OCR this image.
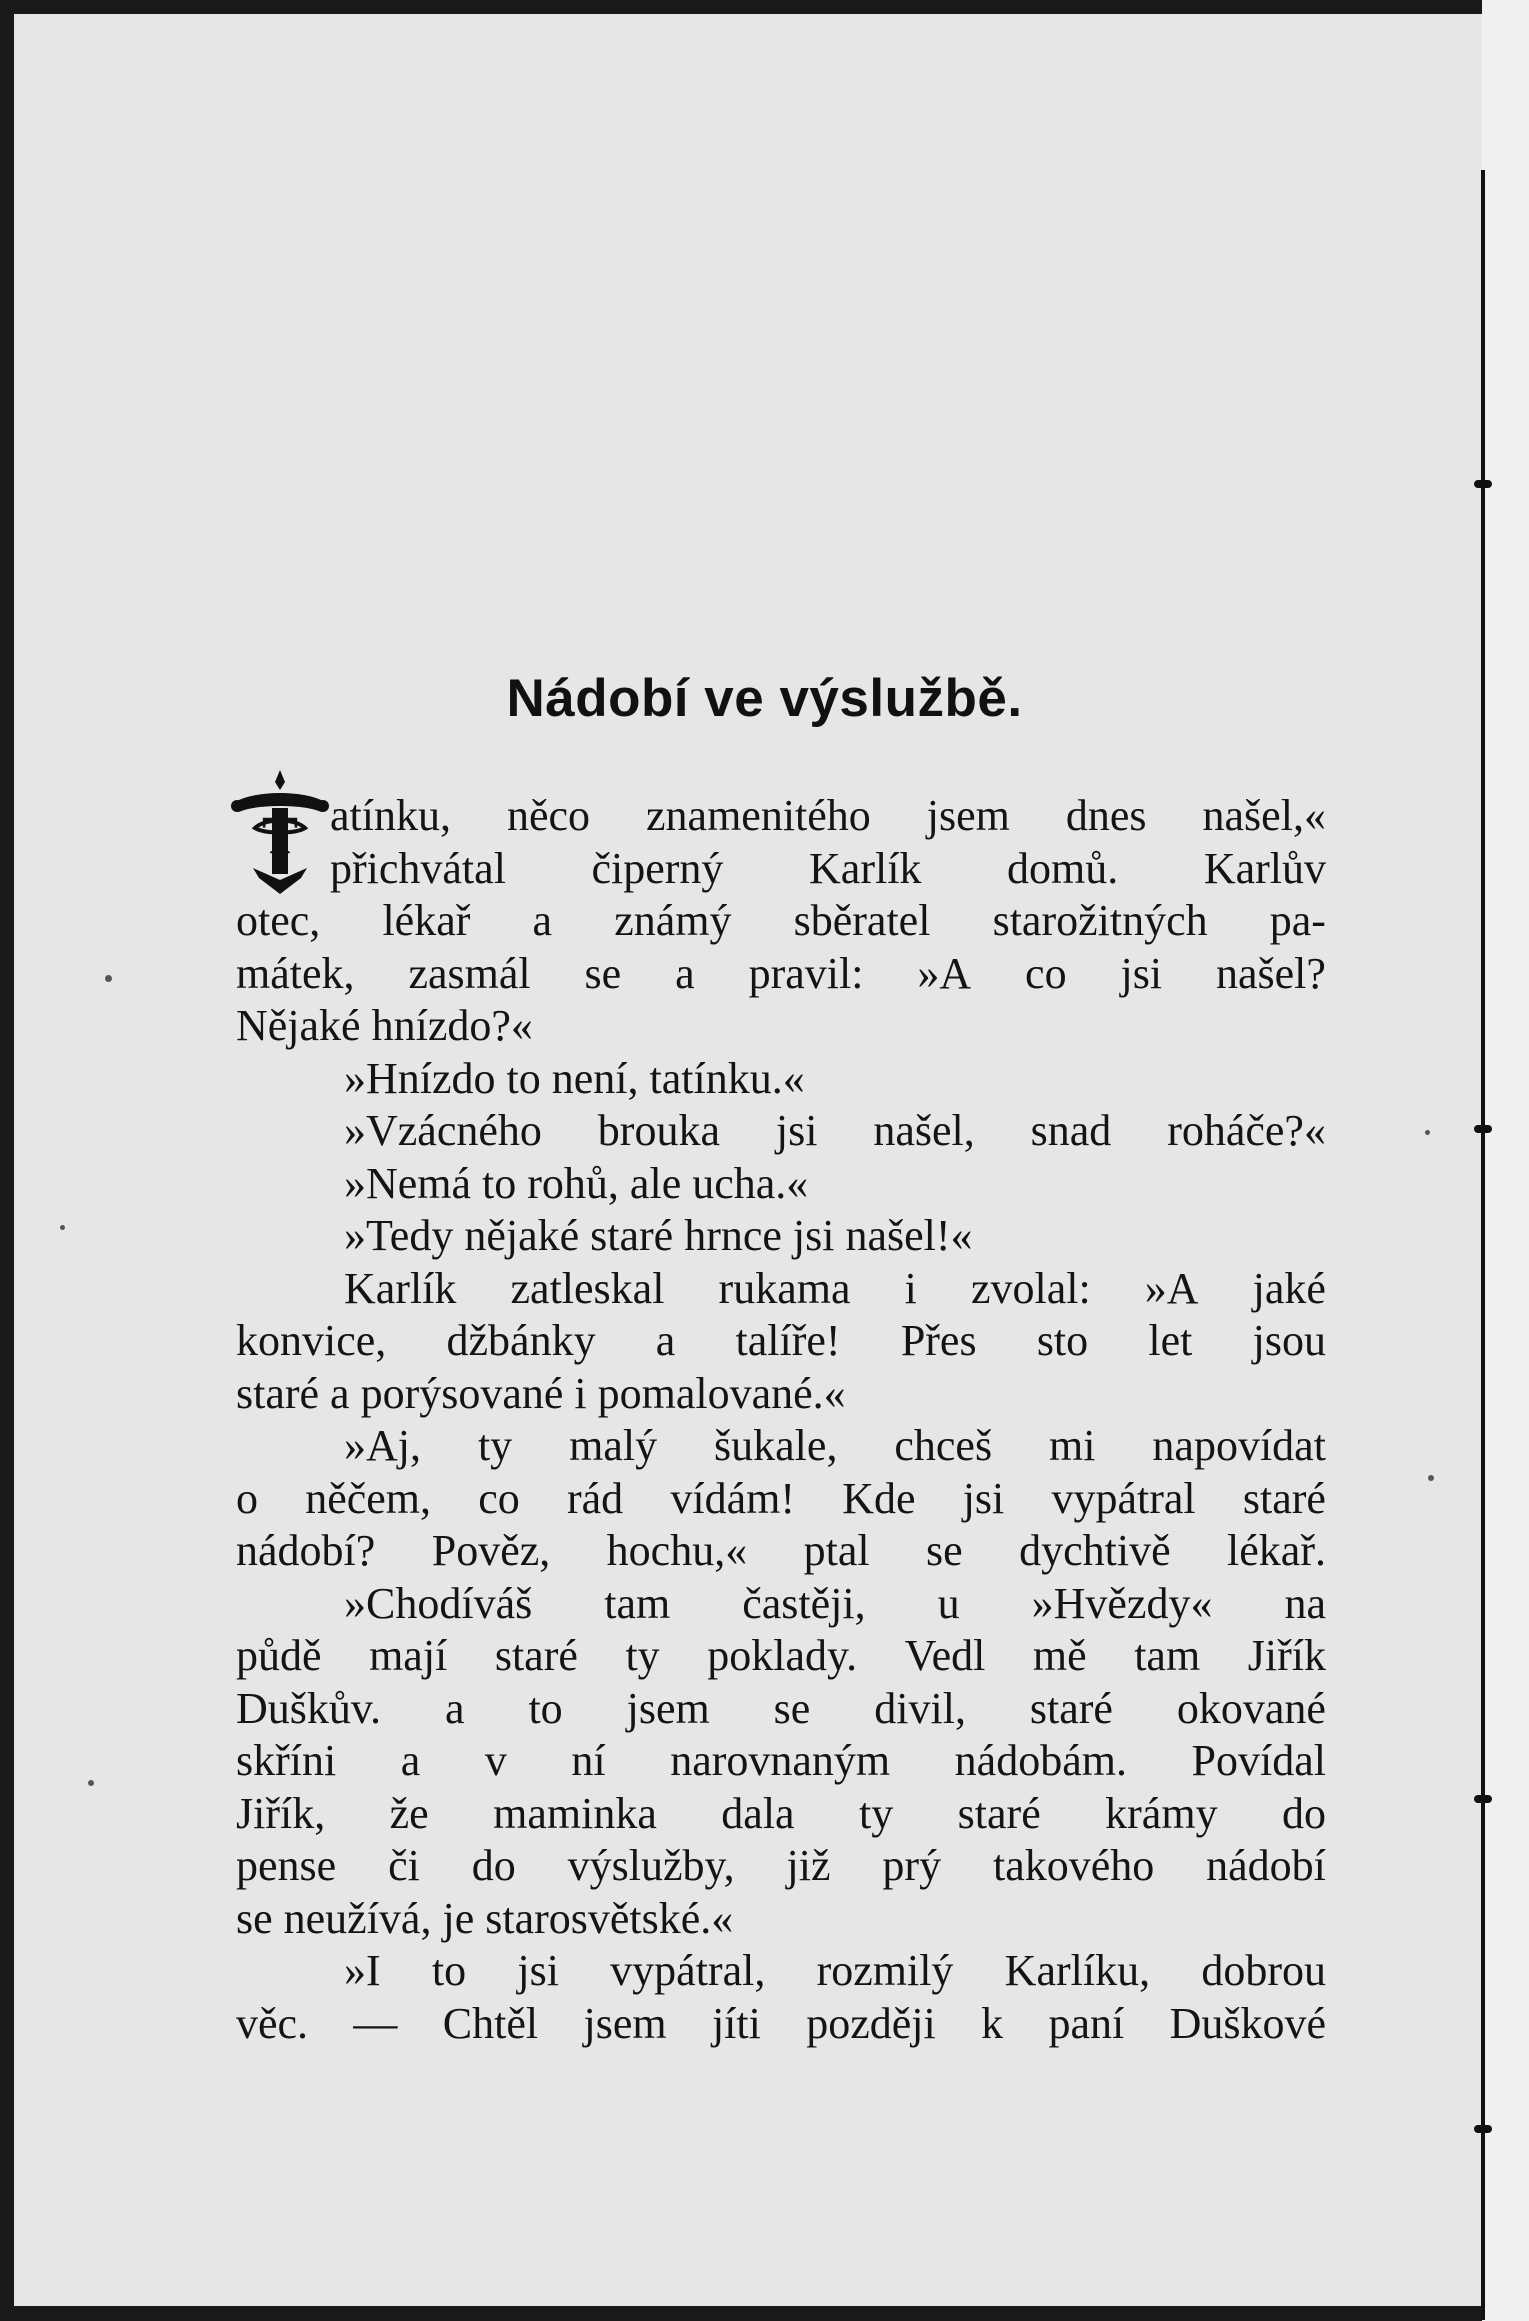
Nádobí ve výslužbě.
T atínku, něco znamenitého jsem dnes našel,«
přichvátal čiperný Karlík domů. Karlův
otec, lékař a známý sběratel starožitných pa-
mátek, zasmál se a pravil: »A co jsi našel?
Nějaké hnízdo?«
»Hnízdo to není, tatínku.«
»Vzácného brouka jsi našel, snad roháče?«
»Nemá to rohů, ale ucha.«
»Tedy nějaké staré hrnce jsi našel!«
Karlík zatleskal rukama i zvolal: »A jaké
konvice, džbánky a talíře! Přes sto let jsou
staré a porýsované i pomalované.«
»Aj, ty malý šukale, chceš mi napovídat
o něčem, co rád vídám! Kde jsi vypátral staré
nádobí? Pověz, hochu,« ptal se dychtivě lékař.
»Chodíváš tam častěji, u »Hvězdy« na
půdě mají staré ty poklady. Vedl mě tam Jiřík
Duškův. a to jsem se divil, staré okované
skříni a v ní narovnaným nádobám. Povídal
Jiřík, že maminka dala ty staré krámy do
pense či do výslužby, již prý takového nádobí
se neužívá, je starosvětské.«
»I to jsi vypátral, rozmilý Karlíku, dobrou
věc. — Chtěl jsem jíti později k paní Duškové
